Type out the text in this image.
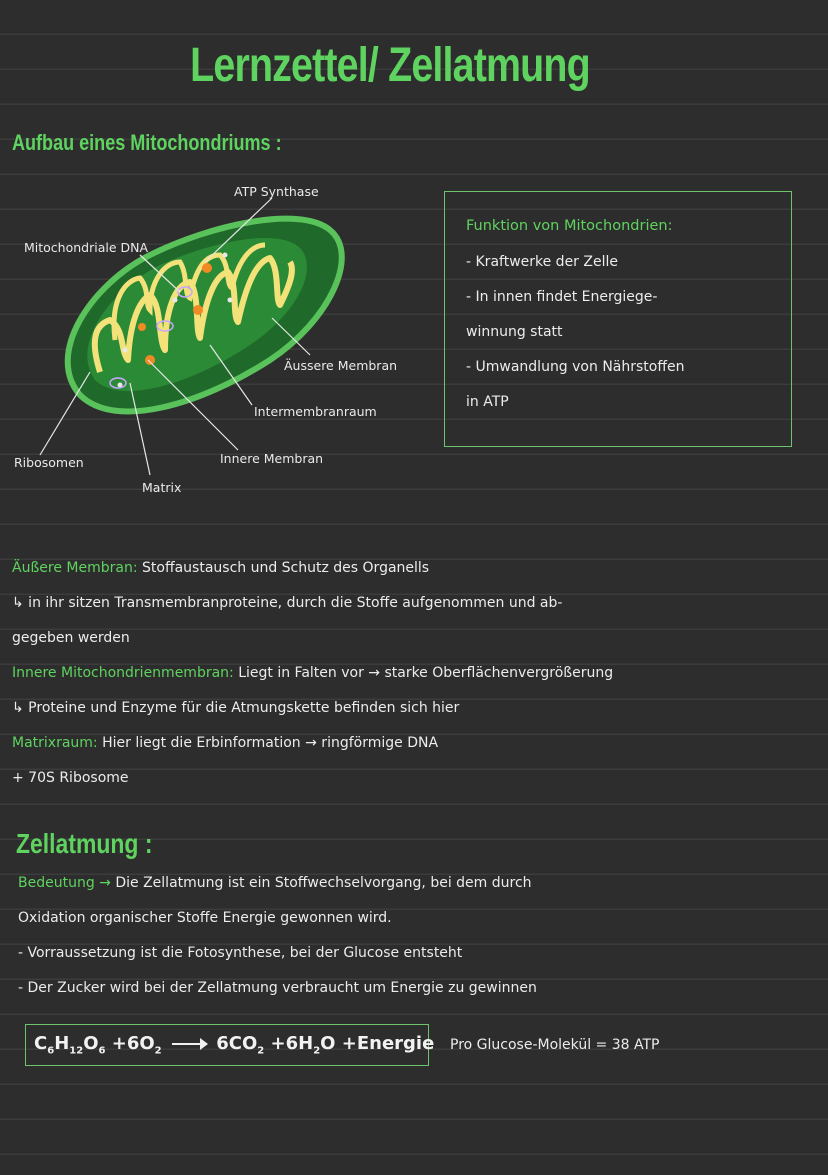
Lernzettel/ Zellatmung
Aufbau eines Mitochondriums :
ATP Synthase
Mitochondriale DNA
Äussere Membran
Intermembranraum
Ribosomen	Innere Membran
Matrix
Funktion von Mitochondrien:
- Kraftwerke der Zelle
- In innen findet Energiege-
winnung statt
- Umwandlung von Nährstoffen
in ATP
Äußere Membran: Stoffaustausch und Schutz des Organells
↳ in ihr sitzen Transmembranproteine, durch die Stoffe aufgenommen und ab-
gegeben werden
Innere Mitochondrienmembran: Liegt in Falten vor → starke Oberflächenvergrößerung
↳ Proteine und Enzyme für die Atmungskette befinden sich hier
Matrixraum: Hier liegt die Erbinformation → ringförmige DNA
+ 70S Ribosome
Zellatmung :
Bedeutung → Die Zellatmung ist ein Stoffwechselvorgang, bei dem durch
Oxidation organischer Stoffe Energie gewonnen wird.
- Vorraussetzung ist die Fotosynthese, bei der Glucose entsteht
- Der Zucker wird bei der Zellatmung verbraucht um Energie zu gewinnen
$C_6H_{12}O_6 +6O_2$	$6CO_2 +6H_2O$ +Energie Pro Glucose-Molekül = 38 ATP
